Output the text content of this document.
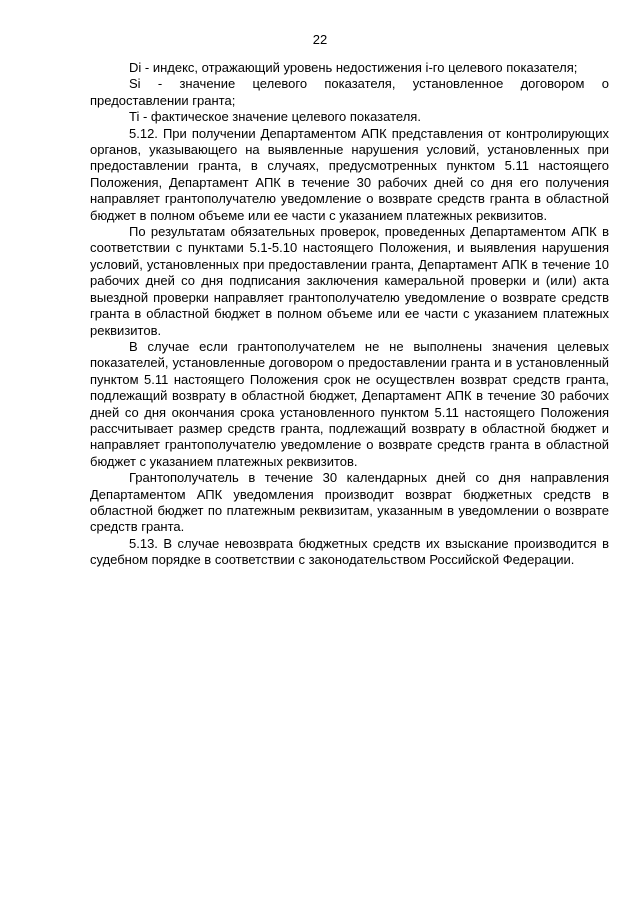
22

Di - индекс, отражающий уровень недостижения i-го целевого показателя;

Si - значение целевого показателя, установленное договором о предоставлении гранта;

Ti - фактическое значение целевого показателя.

5.12. При получении Департаментом АПК представления от контролирующих органов, указывающего на выявленные нарушения условий, установленных при предоставлении гранта, в случаях, предусмотренных пунктом 5.11 настоящего Положения, Департамент АПК в течение 30 рабочих дней со дня его получения направляет грантополучателю уведомление о возврате средств гранта в областной бюджет в полном объеме или ее части с указанием платежных реквизитов.

По результатам обязательных проверок, проведенных Департаментом АПК в соответствии с пунктами 5.1-5.10 настоящего Положения, и выявления нарушения условий, установленных при предоставлении гранта, Департамент АПК в течение 10 рабочих дней со дня подписания заключения камеральной проверки и (или) акта выездной проверки направляет грантополучателю уведомление о возврате средств гранта в областной бюджет в полном объеме или ее части с указанием платежных реквизитов.

В случае если грантополучателем не не выполнены значения целевых показателей, установленные договором о предоставлении гранта и в установленный пунктом 5.11 настоящего Положения срок не осуществлен возврат средств гранта, подлежащий возврату в областной бюджет, Департамент АПК в течение 30 рабочих дней со дня окончания срока установленного пунктом 5.11 настоящего Положения рассчитывает размер средств гранта, подлежащий возврату в областной бюджет и направляет грантополучателю уведомление о возврате средств гранта в областной бюджет с указанием платежных реквизитов.

Грантополучатель в течение 30 календарных дней со дня направления Департаментом АПК уведомления производит возврат бюджетных средств в областной бюджет по платежным реквизитам, указанным в уведомлении о возврате средств гранта.

5.13. В случае невозврата бюджетных средств их взыскание производится в судебном порядке в соответствии с законодательством Российской Федерации.
